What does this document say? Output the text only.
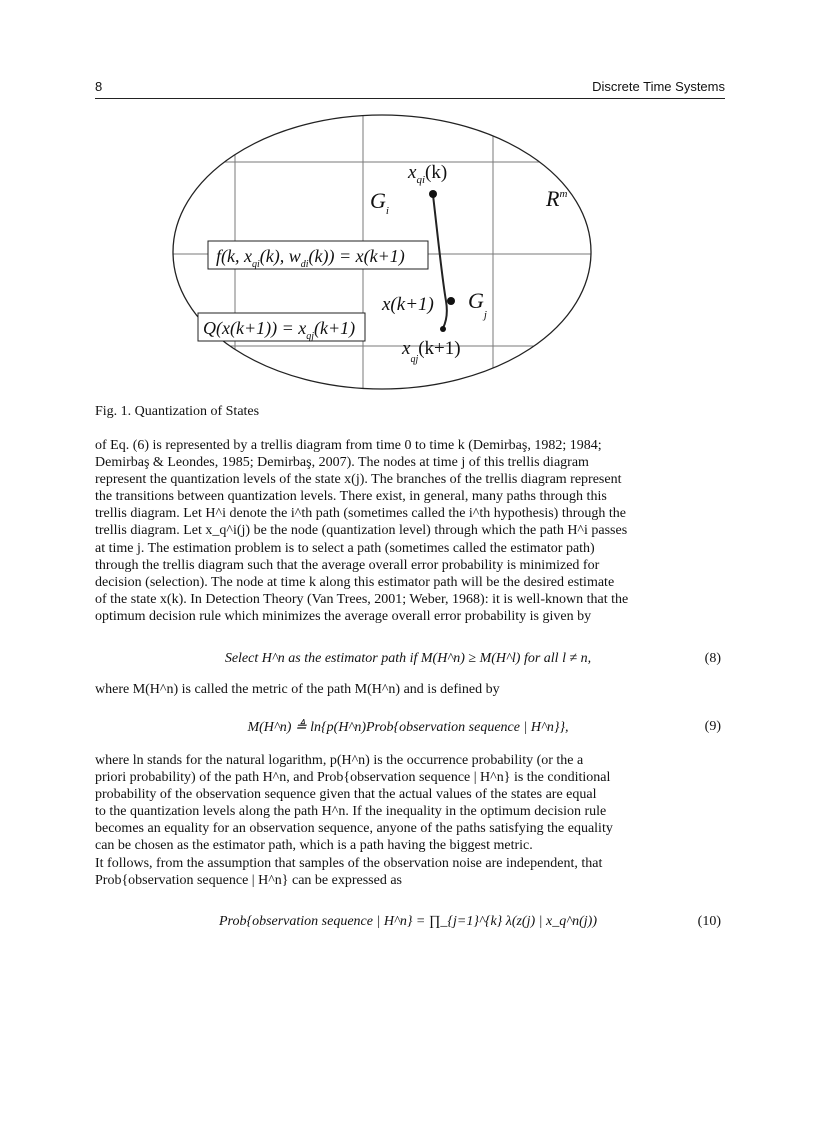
8	Discrete Time Systems
$x_{qi}(k)$
$G_i$	$R^m$
f(k, $x_{qi}(k)$, $w_{di}(k)) = x(k+1)$
x(k+1) $G_j$
$Q(x(k+1)) = x_{qj}(k+1)$
$x_{qj}(k+1)$
Fig. 1. Quantization of States

of Eq. (6) is represented by a trellis diagram from time 0 to time k (Demirbaş, 1982; 1984;

Demirbaş & Leondes, 1985; Demirbaş, 2007). The nodes at time j of this trellis diagram

represent the quantization levels of the state x(j). The branches of the trellis diagram represent

the transitions between quantization levels. There exist, in general, many paths through this

trellis diagram. Let H^i denote the i^th path (sometimes called the i^th hypothesis) through the

trellis diagram. Let x_q^i(j) be the node (quantization level) through which the path H^i passes

at time j. The estimation problem is to select a path (sometimes called the estimator path)

through the trellis diagram such that the average overall error probability is minimized for

decision (selection). The node at time k along this estimator path will be the desired estimate

of the state x(k). In Detection Theory (Van Trees, 2001; Weber, 1968): it is well-known that the

optimum decision rule which minimizes the average overall error probability is given by

Select H^n as the estimator path if M(H^n) ≥ M(H^l) for all l ≠ n,	(8)

where M(H^n) is called the metric of the path M(H^n) and is defined by

M(H^n) ≜ ln{p(H^n)Prob{observation sequence | H^n}},	(9)

where ln stands for the natural logarithm, p(H^n) is the occurrence probability (or the a

priori probability) of the path H^n, and Prob{observation sequence | H^n} is the conditional

probability of the observation sequence given that the actual values of the states are equal

to the quantization levels along the path H^n. If the inequality in the optimum decision rule

becomes an equality for an observation sequence, anyone of the paths satisfying the equality

can be chosen as the estimator path, which is a path having the biggest metric.

It follows, from the assumption that samples of the observation noise are independent, that

Prob{observation sequence | H^n} can be expressed as

Prob{observation sequence | H^n} = ∏_{j=1}^{k} λ(z(j) | x_q^n(j))	(10)
